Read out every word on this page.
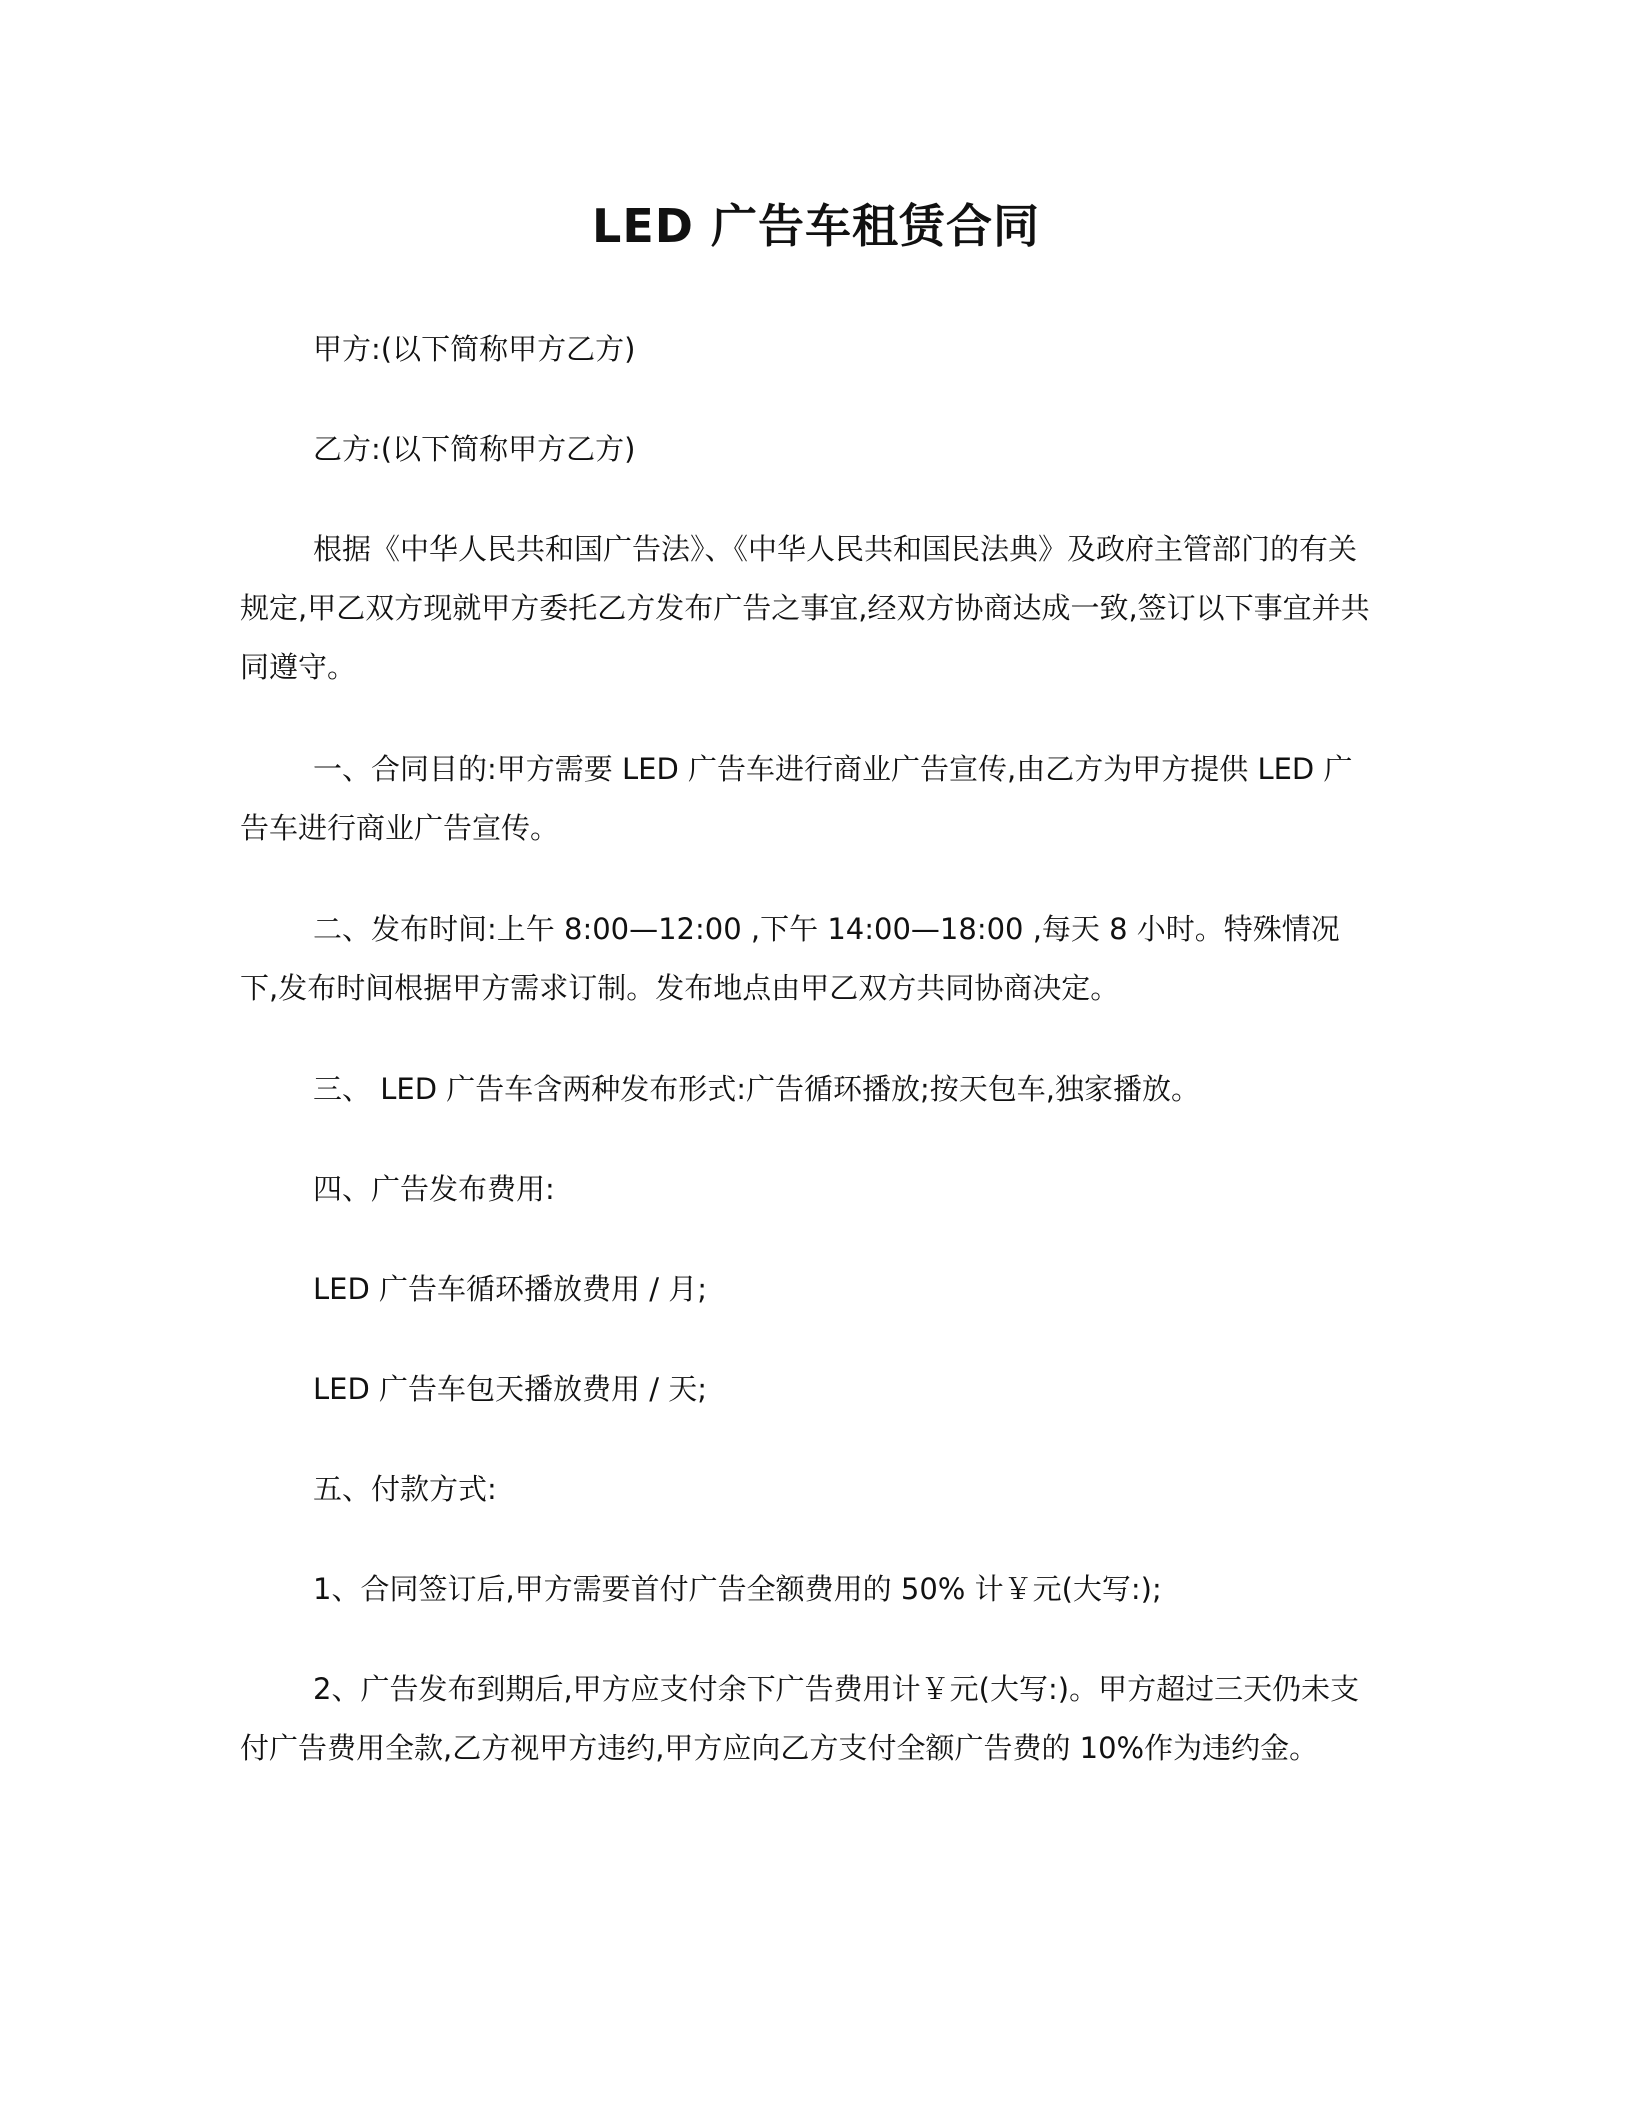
LED 广告车租赁合同

甲方:(以下简称甲方乙方)

乙方:(以下简称甲方乙方)

根据《中华人民共和国广告法》、《中华人民共和国民法典》及政府主管部门的有关规定,甲乙双方现就甲方委托乙方发布广告之事宜,经双方协商达成一致,签订以下事宜并共同遵守。

一、合同目的:甲方需要 LED 广告车进行商业广告宣传,由乙方为甲方提供 LED 广告车进行商业广告宣传。

二、发布时间:上午 8:00—12:00 ,下午 14:00—18:00 ,每天 8 小时。特殊情况下,发布时间根据甲方需求订制。发布地点由甲乙双方共同协商决定。

三、 LED 广告车含两种发布形式:广告循环播放;按天包车,独家播放。

四、广告发布费用:

LED 广告车循环播放费用 / 月;

LED 广告车包天播放费用 / 天;

五、付款方式:

1、合同签订后,甲方需要首付广告全额费用的 50% 计￥元(大写:);

2、广告发布到期后,甲方应支付余下广告费用计￥元(大写:)。甲方超过三天仍未支付广告费用全款,乙方视甲方违约,甲方应向乙方支付全额广告费的 10%作为违约金。
